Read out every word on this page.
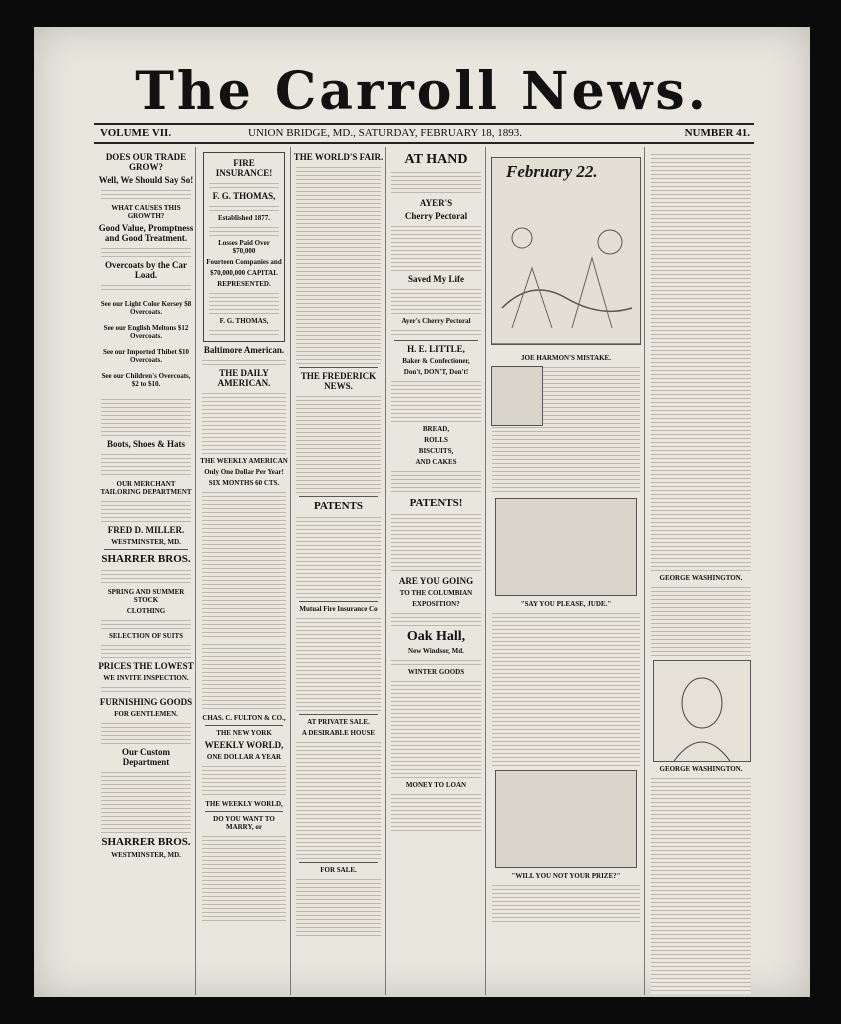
The Carroll News.
VOLUME VII.	UNION BRIDGE, MD., SATURDAY, FEBRUARY 18, 1893.	NUMBER 41.
DOES OUR TRADE GROW?
Well, We Should Say So!
WHAT CAUSES THIS GROWTH?
Good Value, Promptness and Good Treatment.
Overcoats by the Car Load.
See our Light Color Kersey $8 Overcoats.
See our English Meltons $12 Overcoats.
See our Imported Thibet $10 Overcoats.
See our Children's Overcoats, $2 to $10.
Boots, Shoes & Hats
OUR MERCHANT TAILORING DEPARTMENT
FRED D. MILLER.
WESTMINSTER, MD.
SHARRER BROS.
SPRING AND SUMMER STOCK
CLOTHING
SELECTION OF SUITS
PRICES THE LOWEST
WE INVITE INSPECTION.
FURNISHING GOODS
FOR GENTLEMEN.
Our Custom Department
SHARRER BROS.
WESTMINSTER, MD.
FIRE INSURANCE!
F. G. THOMAS,
Established 1877.
Losses Paid Over $70,000
Fourteen Companies and
$70,000,000 CAPITAL
REPRESENTED.
F. G. THOMAS,
Baltimore American.
THE DAILY AMERICAN.
THE WEEKLY AMERICAN
Only One Dollar Per Year!
SIX MONTHS 60 CTS.
CHAS. C. FULTON & CO.,
THE NEW YORK
WEEKLY WORLD,
ONE DOLLAR A YEAR
THE WEEKLY WORLD,
DO YOU WANT TO MARRY, or
THE WORLD'S FAIR.
THE FREDERICK NEWS.
PATENTS
Mutual Fire Insurance Co
AT PRIVATE SALE.
A DESIRABLE HOUSE
FOR SALE.
AT HAND
AYER'S
Cherry Pectoral
Saved My Life
Ayer's Cherry Pectoral
H. E. LITTLE,
Baker & Confectioner,
Don't, DON'T, Don't!
BREAD,
ROLLS
BISCUITS,
AND CAKES
PATENTS!
ARE YOU GOING
TO THE COLUMBIAN
EXPOSITION?
Oak Hall,
New Windsor, Md.
WINTER GOODS
MONEY TO LOAN
February 22.
JOE HARMON'S MISTAKE.
"SAY YOU PLEASE, JUDE."
"WILL YOU NOT YOUR PRIZE?"
GEORGE WASHINGTON.
GEORGE WASHINGTON.
